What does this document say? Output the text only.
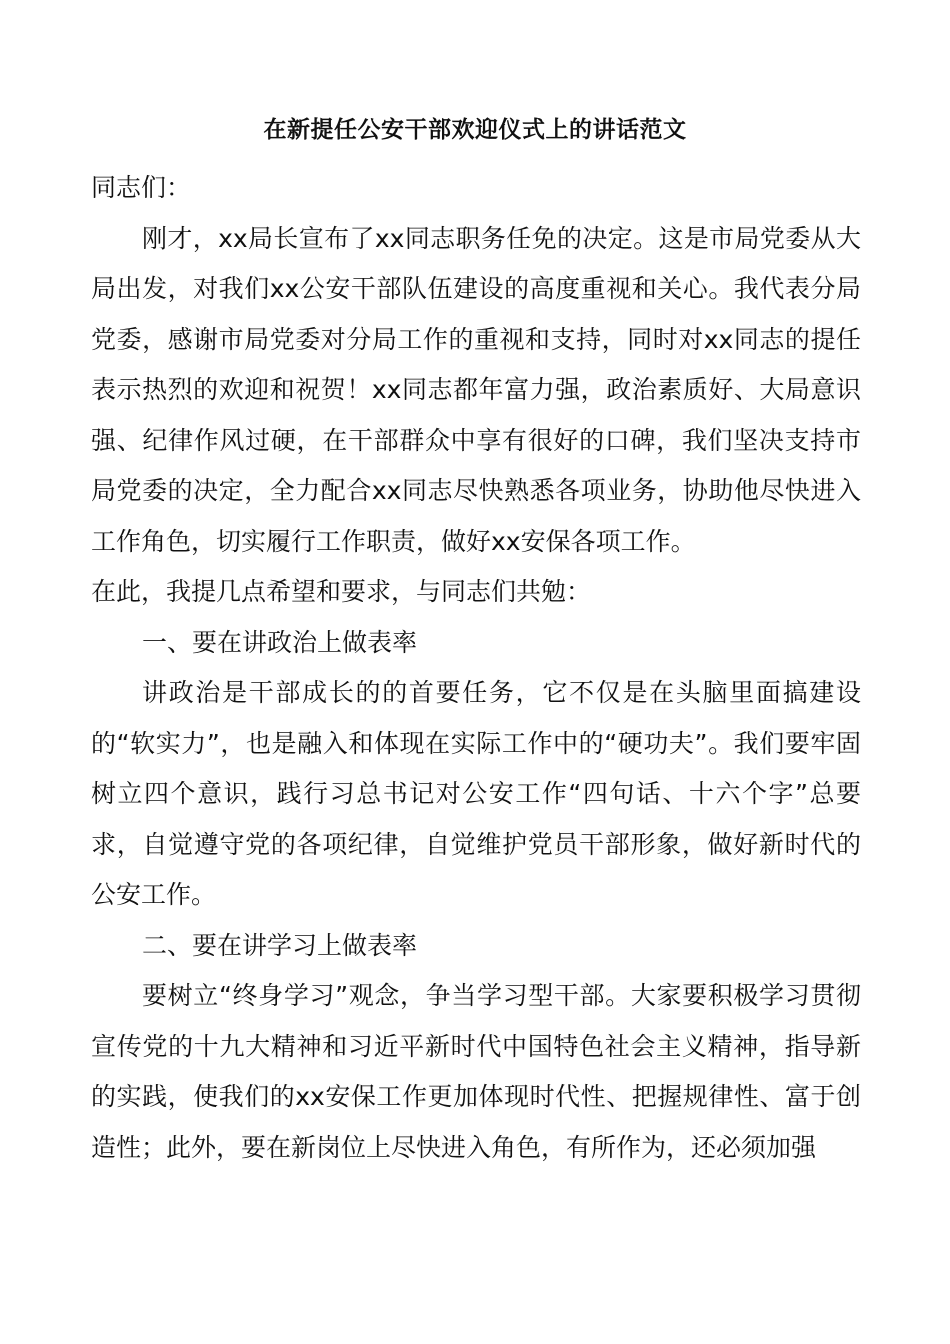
在新提任公安干部欢迎仪式上的讲话范文

同志们：

刚才，xx局长宣布了xx同志职务任免的决定。这是市局党委从大局出发，对我们xx公安干部队伍建设的高度重视和关心。我代表分局党委，感谢市局党委对分局工作的重视和支持，同时对xx同志的提任表示热烈的欢迎和祝贺！xx同志都年富力强，政治素质好、大局意识强、纪律作风过硬，在干部群众中享有很好的口碑，我们坚决支持市局党委的决定，全力配合xx同志尽快熟悉各项业务，协助他尽快进入工作角色，切实履行工作职责，做好xx安保各项工作。

在此，我提几点希望和要求，与同志们共勉：

一、要在讲政治上做表率

讲政治是干部成长的的首要任务，它不仅是在头脑里面搞建设的“软实力”，也是融入和体现在实际工作中的“硬功夫”。我们要牢固树立四个意识，践行习总书记对公安工作“四句话、十六个字”总要求，自觉遵守党的各项纪律，自觉维护党员干部形象，做好新时代的公安工作。

二、要在讲学习上做表率

要树立“终身学习”观念，争当学习型干部。大家要积极学习贯彻宣传党的十九大精神和习近平新时代中国特色社会主义精神，指导新的实践，使我们的xx安保工作更加体现时代性、把握规律性、富于创造性；此外，要在新岗位上尽快进入角色，有所作为，还必须加强
